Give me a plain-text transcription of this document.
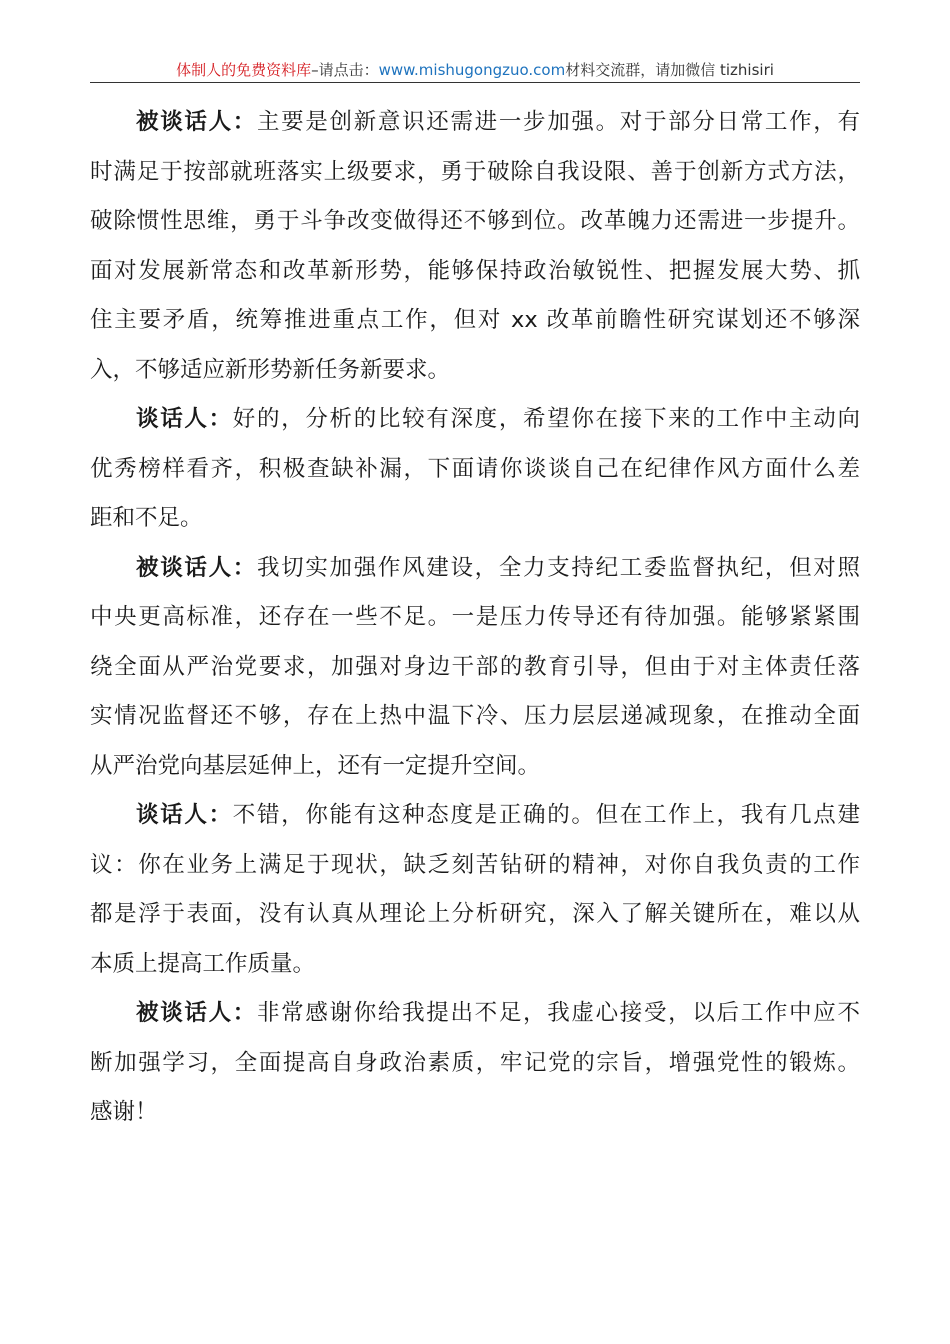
体制人的免费资料库–请点击：www.mishugongzuo.com材料交流群，请加微信 tizhisiri
被谈话人：主要是创新意识还需进一步加强。对于部分日常工作，有
时满足于按部就班落实上级要求，勇于破除自我设限、善于创新方式方法，
破除惯性思维，勇于斗争改变做得还不够到位。改革魄力还需进一步提升。
面对发展新常态和改革新形势，能够保持政治敏锐性、把握发展大势、抓
住主要矛盾，统筹推进重点工作，但对 xx 改革前瞻性研究谋划还不够深
入，不够适应新形势新任务新要求。
谈话人：好的，分析的比较有深度，希望你在接下来的工作中主动向
优秀榜样看齐，积极查缺补漏，下面请你谈谈自己在纪律作风方面什么差
距和不足。
被谈话人：我切实加强作风建设，全力支持纪工委监督执纪，但对照
中央更高标准，还存在一些不足。一是压力传导还有待加强。能够紧紧围
绕全面从严治党要求，加强对身边干部的教育引导，但由于对主体责任落
实情况监督还不够，存在上热中温下冷、压力层层递减现象，在推动全面
从严治党向基层延伸上，还有一定提升空间。
谈话人：不错，你能有这种态度是正确的。但在工作上，我有几点建
议：你在业务上满足于现状，缺乏刻苦钻研的精神，对你自我负责的工作
都是浮于表面，没有认真从理论上分析研究，深入了解关键所在，难以从
本质上提高工作质量。
被谈话人：非常感谢你给我提出不足，我虚心接受，以后工作中应不
断加强学习，全面提高自身政治素质，牢记党的宗旨，增强党性的锻炼。
感谢！
